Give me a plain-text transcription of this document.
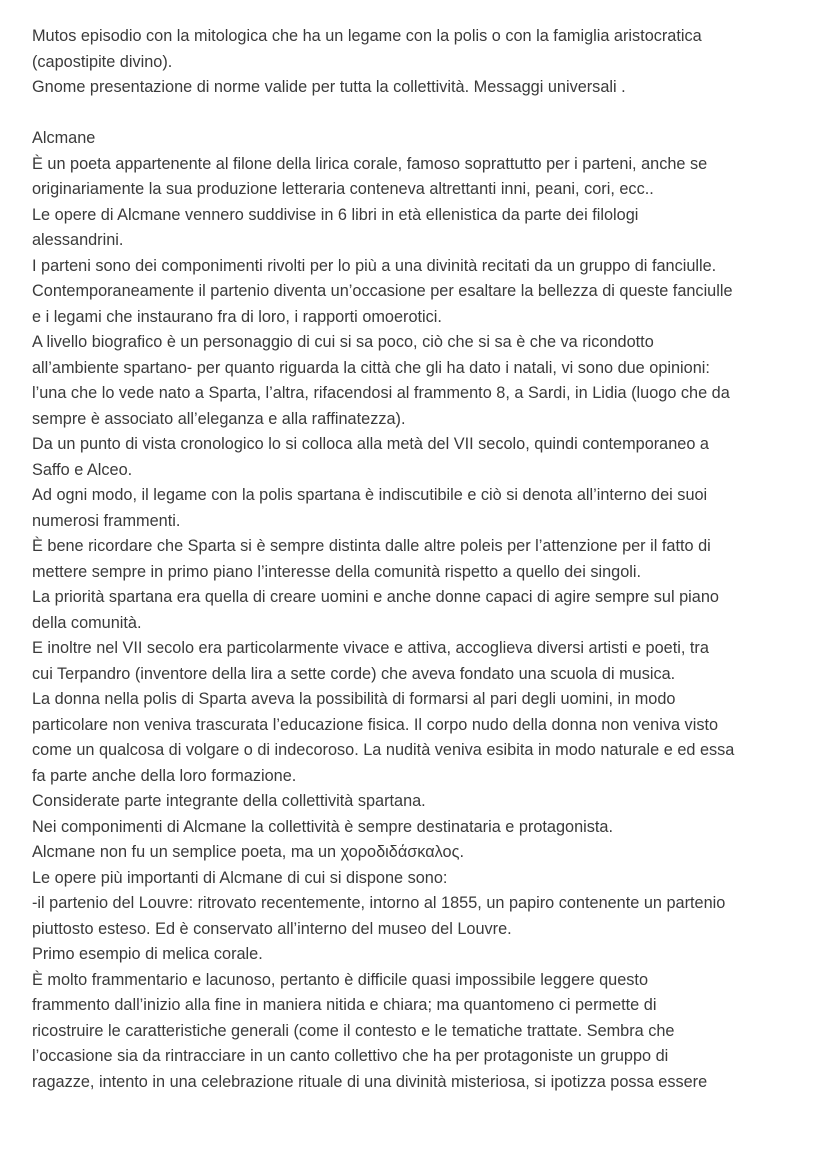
Mutos episodio con la mitologica che ha un legame con la polis o con la famiglia aristocratica
(capostipite divino).
Gnome presentazione di norme valide per tutta la collettività. Messaggi universali .
Alcmane
È un poeta appartenente al filone della lirica corale, famoso soprattutto per i parteni, anche se
originariamente la sua produzione letteraria conteneva altrettanti inni, peani, cori, ecc..
Le opere di Alcmane vennero suddivise in 6 libri in età ellenistica da parte dei filologi
alessandrini.
I parteni sono dei componimenti rivolti per lo più a una divinità recitati da un gruppo di fanciulle.
Contemporaneamente il partenio diventa un’occasione per esaltare la bellezza di queste fanciulle
e i legami che instaurano fra di loro, i rapporti omoerotici.
A livello biografico è un personaggio di cui si sa poco, ciò che si sa è che va ricondotto
all’ambiente spartano- per quanto riguarda la città che gli ha dato i natali, vi sono due opinioni:
l’una che lo vede nato a Sparta, l’altra, rifacendosi al frammento 8, a Sardi, in Lidia (luogo che da
sempre è associato all’eleganza e alla raffinatezza).
Da un punto di vista cronologico lo si colloca alla metà del VII secolo, quindi contemporaneo a
Saffo e Alceo.
Ad ogni modo, il legame con la polis spartana è indiscutibile e ciò si denota all’interno dei suoi
numerosi frammenti.
È bene ricordare che Sparta si è sempre distinta dalle altre poleis per l’attenzione per il fatto di
mettere sempre in primo piano l’interesse della comunità rispetto a quello dei singoli.
La priorità spartana era quella di creare uomini e anche donne capaci di agire sempre sul piano
della comunità.
E inoltre nel VII secolo era particolarmente vivace e attiva, accoglieva diversi artisti e poeti, tra
cui Terpandro (inventore della lira a sette corde) che aveva fondato una scuola di musica.
La donna nella polis di Sparta aveva la possibilità di formarsi al pari degli uomini, in modo
particolare non veniva trascurata l’educazione fisica. Il corpo nudo della donna non veniva visto
come un qualcosa di volgare o di indecoroso. La nudità veniva esibita in modo naturale e ed essa
fa parte anche della loro formazione.
Considerate parte integrante della collettività spartana.
Nei componimenti di Alcmane la collettività è sempre destinataria e protagonista.
Alcmane non fu un semplice poeta, ma un χοροδιδάσκαλος.
Le opere più importanti di Alcmane di cui si dispone sono:
-il partenio del Louvre: ritrovato recentemente, intorno al 1855, un papiro contenente un partenio
piuttosto esteso. Ed è conservato all’interno del museo del Louvre.
Primo esempio di melica corale.
È molto frammentario e lacunoso, pertanto è difficile quasi impossibile leggere questo
frammento dall’inizio alla fine in maniera nitida e chiara; ma quantomeno ci permette di
ricostruire le caratteristiche generali (come il contesto e le tematiche trattate. Sembra che
l’occasione sia da rintracciare in un canto collettivo che ha per protagoniste un gruppo di
ragazze, intento in una celebrazione rituale di una divinità misteriosa, si ipotizza possa essere
